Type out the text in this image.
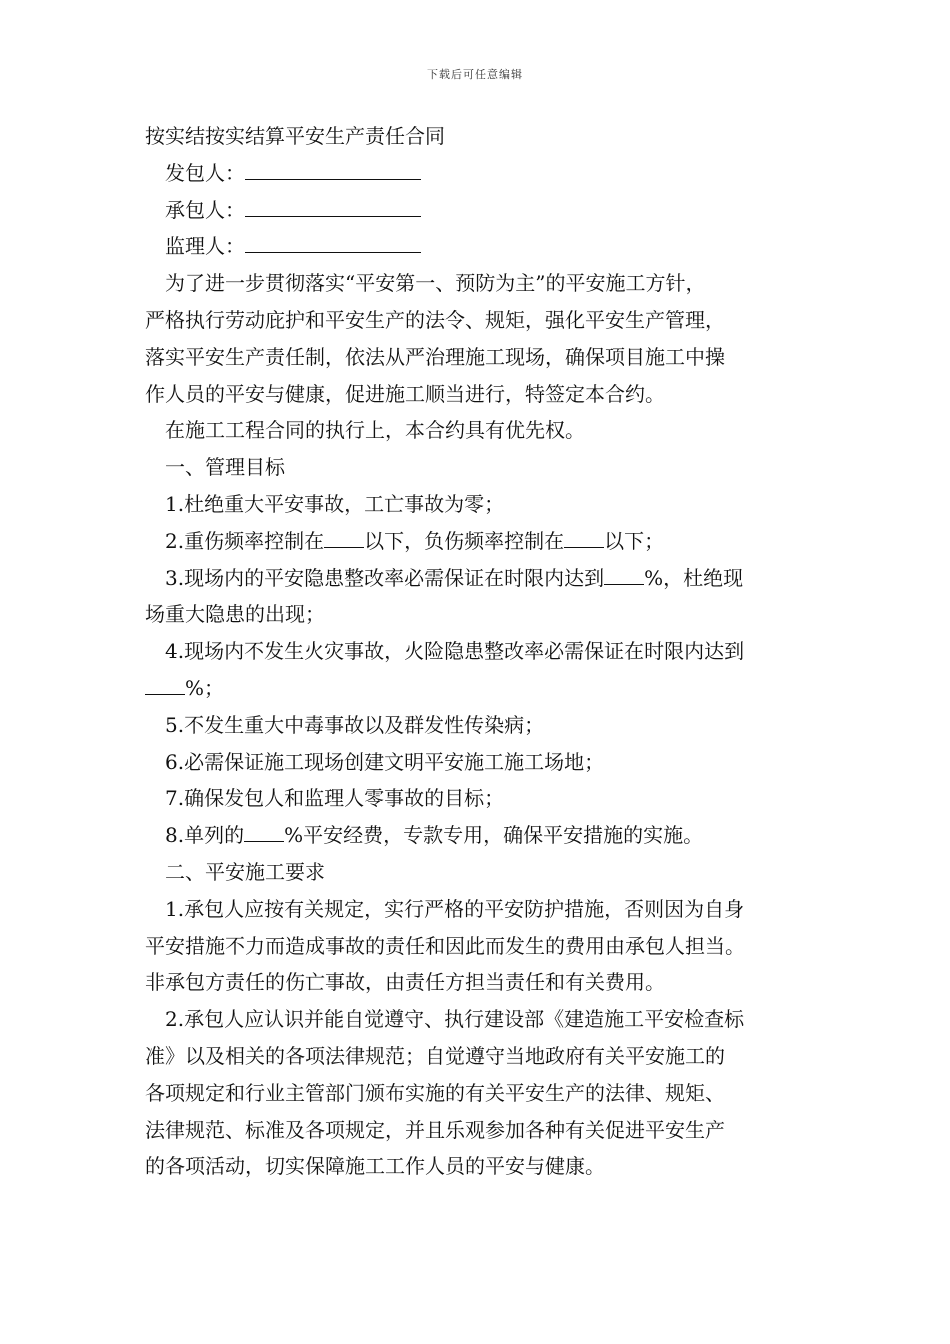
下载后可任意编辑
按实结按实结算平安生产责任合同
发包人：
承包人：
监理人：
为了进一步贯彻落实“平安第一、预防为主”的平安施工方针，
严格执行劳动庇护和平安生产的法令、规矩，强化平安生产管理，
落实平安生产责任制，依法从严治理施工现场，确保项目施工中操
作人员的平安与健康，促进施工顺当进行，特签定本合约。
在施工工程合同的执行上，本合约具有优先权。
一、管理目标
1.杜绝重大平安事故，工亡事故为零；
2.重伤频率控制在 以下，负伤频率控制在 以下；
3.现场内的平安隐患整改率必需保证在时限内达到 %，杜绝现
场重大隐患的出现；
4.现场内不发生火灾事故，火险隐患整改率必需保证在时限内达到
%；
5.不发生重大中毒事故以及群发性传染病；
6.必需保证施工现场创建文明平安施工施工场地；
7.确保发包人和监理人零事故的目标；
8.单列的 %平安经费，专款专用，确保平安措施的实施。
二、平安施工要求
1.承包人应按有关规定，实行严格的平安防护措施，否则因为自身
平安措施不力而造成事故的责任和因此而发生的费用由承包人担当。
非承包方责任的伤亡事故，由责任方担当责任和有关费用。
2.承包人应认识并能自觉遵守、执行建设部《建造施工平安检查标
准》以及相关的各项法律规范；自觉遵守当地政府有关平安施工的
各项规定和行业主管部门颁布实施的有关平安生产的法律、规矩、
法律规范、标准及各项规定，并且乐观参加各种有关促进平安生产
的各项活动，切实保障施工工作人员的平安与健康。
